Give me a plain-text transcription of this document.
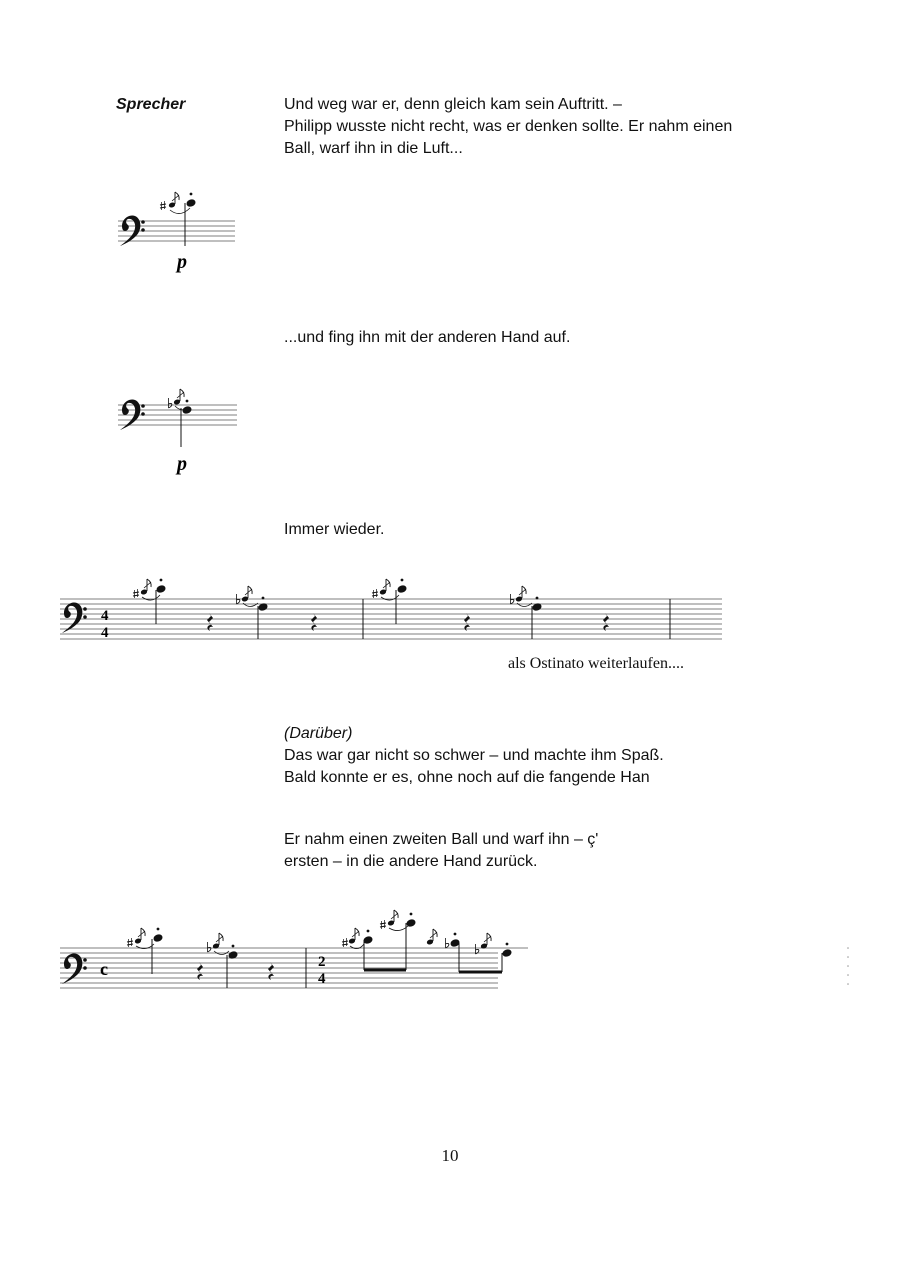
Sprecher	Und weg war er, denn gleich kam sein Auftritt. –
Philipp wusste nicht recht, was er denken sollte. Er nahm einen
Ball, warf ihn in die Luft...
...und fing ihn mit der anderen Hand auf.
Immer wieder.
als Ostinato weiterlaufen....
(Darüber)
Das war gar nicht so schwer – und machte ihm Spaß.
Bald konnte er es, ohne noch auf die fangende Han
Er nahm einen zweiten Ball und warf ihn – ç'
ersten – in die andere Hand zurück.
p
p
4
4
c	2
4
10
